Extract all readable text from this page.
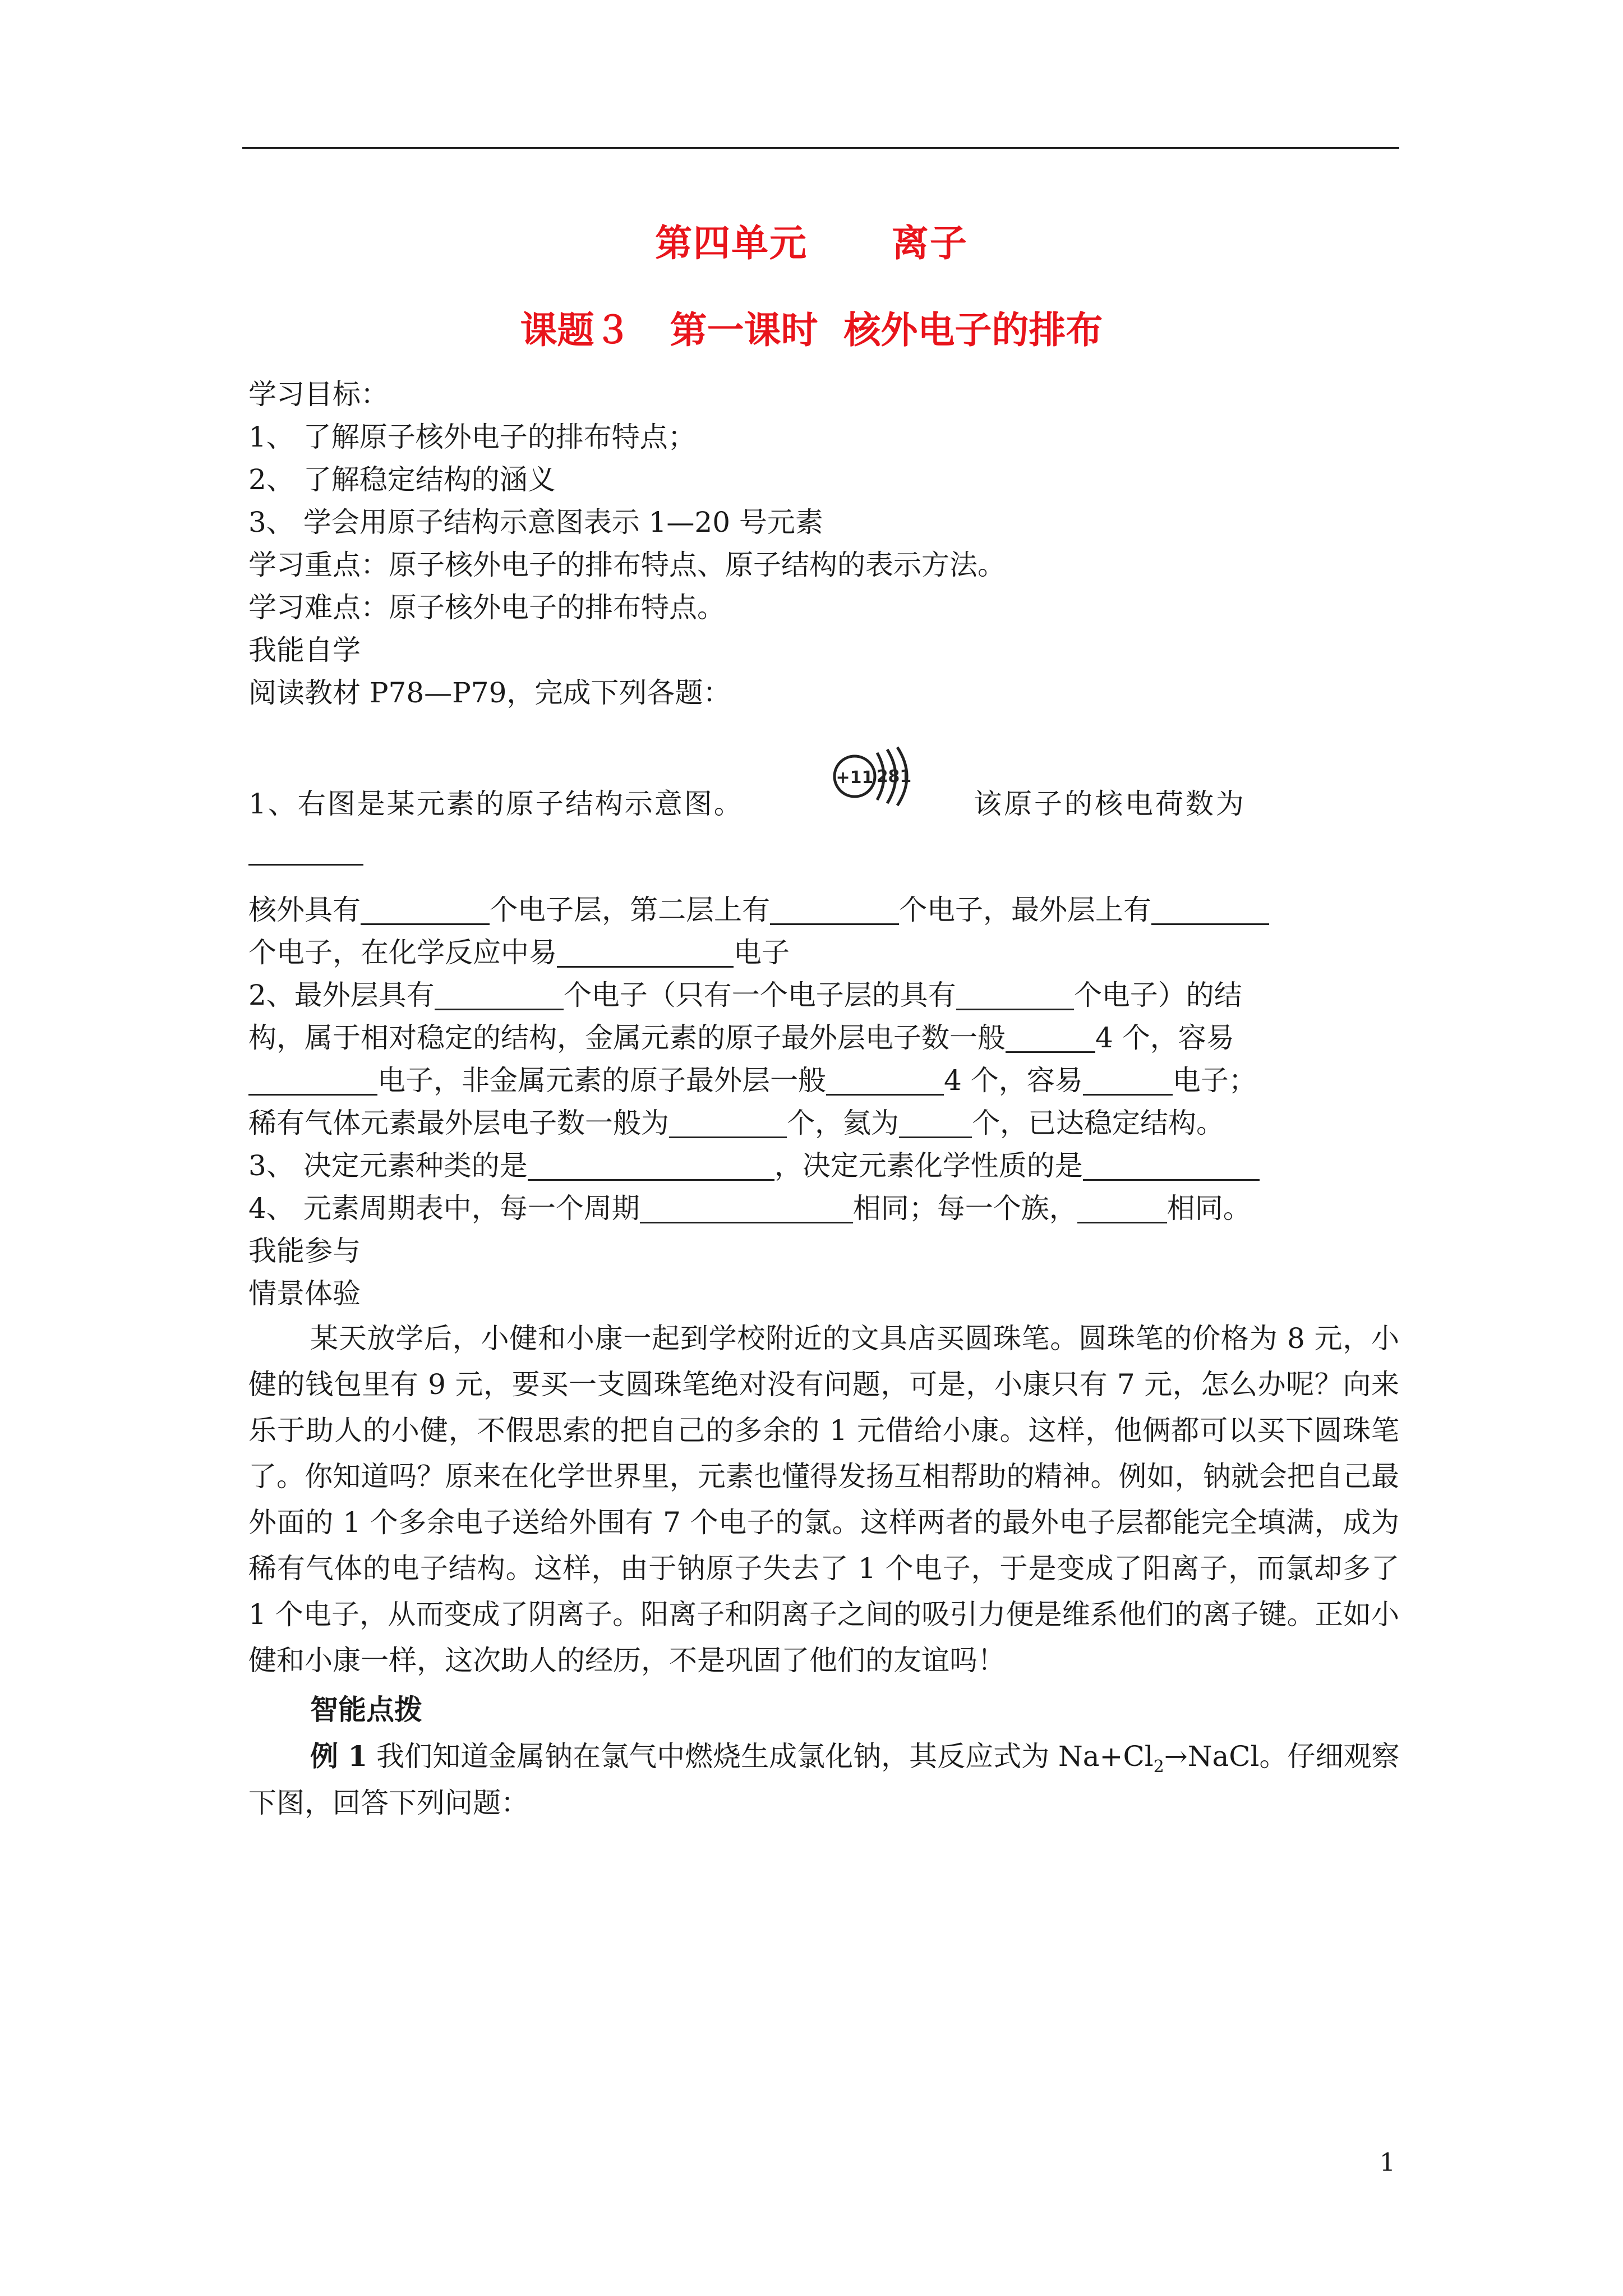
第四单元      离子
课题３   第一课时  核外电子的排布
学习目标：
1、 了解原子核外电子的排布特点；
2、 了解稳定结构的涵义
3、 学会用原子结构示意图表示 1—20 号元素
学习重点：原子核外电子的排布特点、原子结构的表示方法。
学习难点：原子核外电子的排布特点。
我能自学
阅读教材 P78—P79，完成下列各题：
1、右图是某元素的原子结构示意图。
+11 281
该原子的核电荷数为
核外具有	个电子层，第二层上有	个电子，最外层上有
个电子，在化学反应中易	电子
2、最外层具有	个电子（只有一个电子层的具有	个电子）的结
构，属于相对稳定的结构，金属元素的原子最外层电子数一般	4 个，容易
电子，非金属元素的原子最外层一般	4 个，容易	电子；
稀有气体元素最外层电子数一般为	个，氦为	个，已达稳定结构。
3、 决定元素种类的是	，决定元素化学性质的是
4、 元素周期表中，每一个周期	相同；每一个族，	相同。
我能参与
情景体验
某天放学后，小健和小康一起到学校附近的文具店买圆珠笔。圆珠笔的价格为 8 元，小健的钱包里有 9 元，要买一支圆珠笔绝对没有问题，可是，小康只有 7 元，怎么办呢？向来乐于助人的小健，不假思索的把自己的多余的 1 元借给小康。这样，他俩都可以买下圆珠笔了。你知道吗？原来在化学世界里，元素也懂得发扬互相帮助的精神。例如，钠就会把自己最外面的 1 个多余电子送给外围有 7 个电子的氯。这样两者的最外电子层都能完全填满，成为稀有气体的电子结构。这样，由于钠原子失去了 1 个电子，于是变成了阳离子，而氯却多了 1 个电子，从而变成了阴离子。阳离子和阴离子之间的吸引力便是维系他们的离子键。正如小健和小康一样，这次助人的经历，不是巩固了他们的友谊吗！
智能点拨
例 1 我们知道金属钠在氯气中燃烧生成氯化钠，其反应式为 $Na+Cl_2\to NaCl$。仔细观察
下图，回答下列问题：
1
